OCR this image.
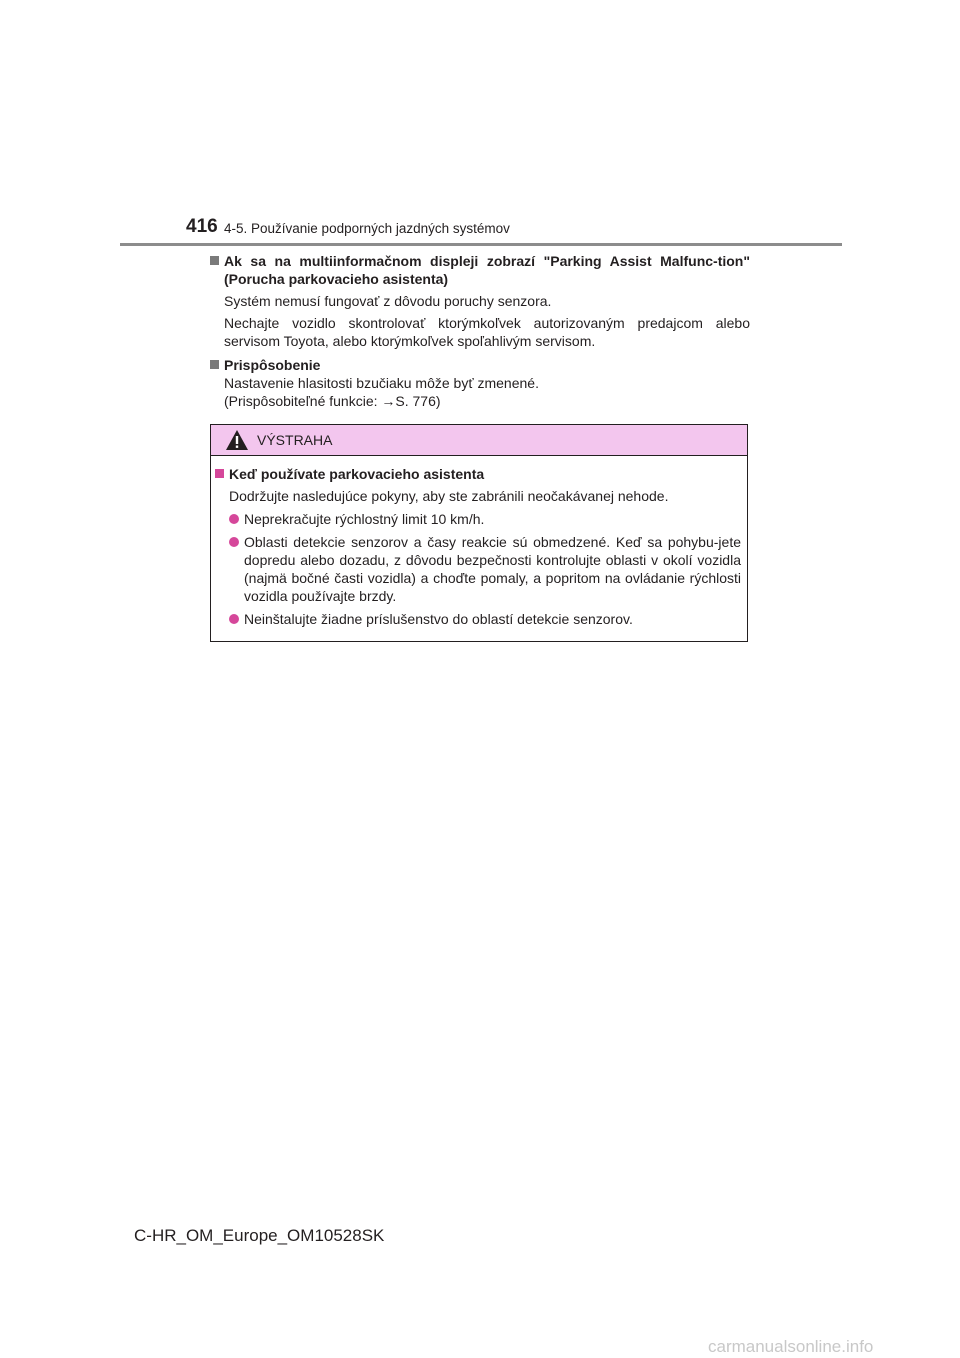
416 4-5. Používanie podporných jazdných systémov
Ak sa na multiinformačnom displeji zobrazí "Parking Assist Malfunc-tion" (Porucha parkovacieho asistenta)
Systém nemusí fungovať z dôvodu poruchy senzora.
Nechajte vozidlo skontrolovať ktorýmkoľvek autorizovaným predajcom alebo servisom Toyota, alebo ktorýmkoľvek spoľahlivým servisom.
Prispôsobenie
Nastavenie hlasitosti bzučiaku môže byť zmenené.
(Prispôsobiteľné funkcie: →S. 776)
VÝSTRAHA
Keď používate parkovacieho asistenta
Dodržujte nasledujúce pokyny, aby ste zabránili neočakávanej nehode.
Neprekračujte rýchlostný limit 10 km/h.
Oblasti detekcie senzorov a časy reakcie sú obmedzené. Keď sa pohybu-jete dopredu alebo dozadu, z dôvodu bezpečnosti kontrolujte oblasti v okolí vozidla (najmä bočné časti vozidla) a choďte pomaly, a popritom na ovládanie rýchlosti vozidla používajte brzdy.
Neinštalujte žiadne príslušenstvo do oblastí detekcie senzorov.
C-HR_OM_Europe_OM10528SK
carmanualsonline.info
